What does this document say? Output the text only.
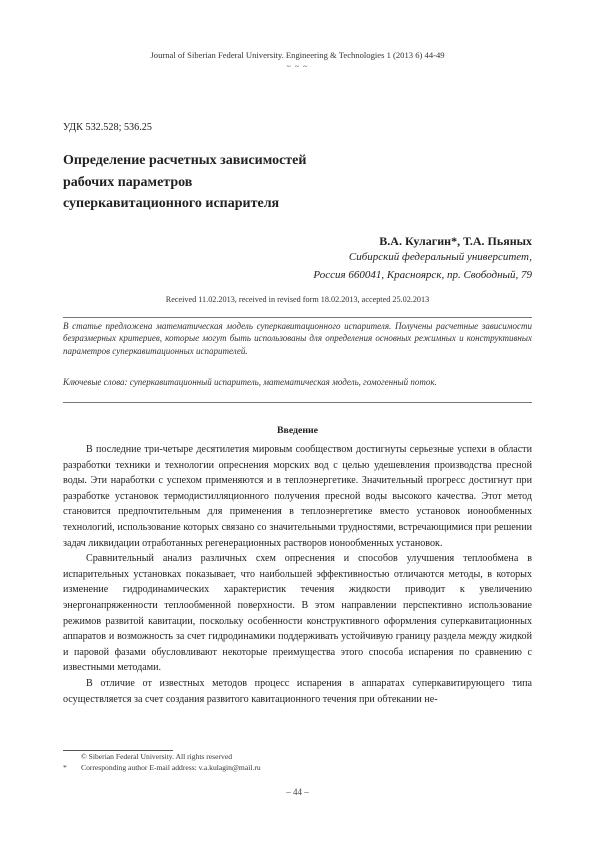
Journal of Siberian Federal University. Engineering & Technologies 1 (2013 6) 44-49
~ ~ ~
УДК 532.528; 536.25
Определение расчетных зависимостей
рабочих параметров
суперкавитационного испарителя
В.А. Кулагин*, Т.А. Пьяных
Сибирский федеральный университет,
Россия 660041, Красноярск, пр. Свободный, 79
Received 11.02.2013, received in revised form 18.02.2013, accepted 25.02.2013
В статье предложена математическая модель суперкавитационного испарителя. Получены расчетные зависимости безразмерных критериев, которые могут быть использованы для определения основных режимных и конструктивных параметров суперкавитационных испарителей.
Ключевые слова: суперкавитационный испаритель, математическая модель, гомогенный поток.
Введение

В последние три-четыре десятилетия мировым сообществом достигнуты серьезные успехи в области разработки техники и технологии опреснения морских вод с целью удешевления производства пресной воды. Эти наработки с успехом применяются и в теплоэнергетике. Значительный прогресс достигнут при разработке установок термодистилляционного получения пресной воды высокого качества. Этот метод становится предпочтительным для применения в теплоэнергетике вместо установок ионообменных технологий, использование которых связано со значительными трудностями, встречающимися при решении задач ликвидации отработанных регенерационных растворов ионообменных установок.

Сравнительный анализ различных схем опреснения и способов улучшения теплообмена в испарительных установках показывает, что наибольшей эффективностью отличаются методы, в которых изменение гидродинамических характеристик течения жидкости приводит к увеличению энергонапряженности теплообменной поверхности. В этом направлении перспективно использование режимов развитой кавитации, поскольку особенности конструктивного оформления суперкавитационных аппаратов и возможность за счет гидродинамики поддерживать устойчивую границу раздела между жидкой и паровой фазами обусловливают некоторые преимущества этого способа испарения по сравнению с известными методами.

В отличие от известных методов процесс испарения в аппаратах суперкавитирующего типа осуществляется за счет создания развитого кавитационного течения при обтекании не-

© Siberian Federal University. All rights reserved
*	Corresponding author E-mail address: v.a.kulagin@mail.ru
– 44 –
